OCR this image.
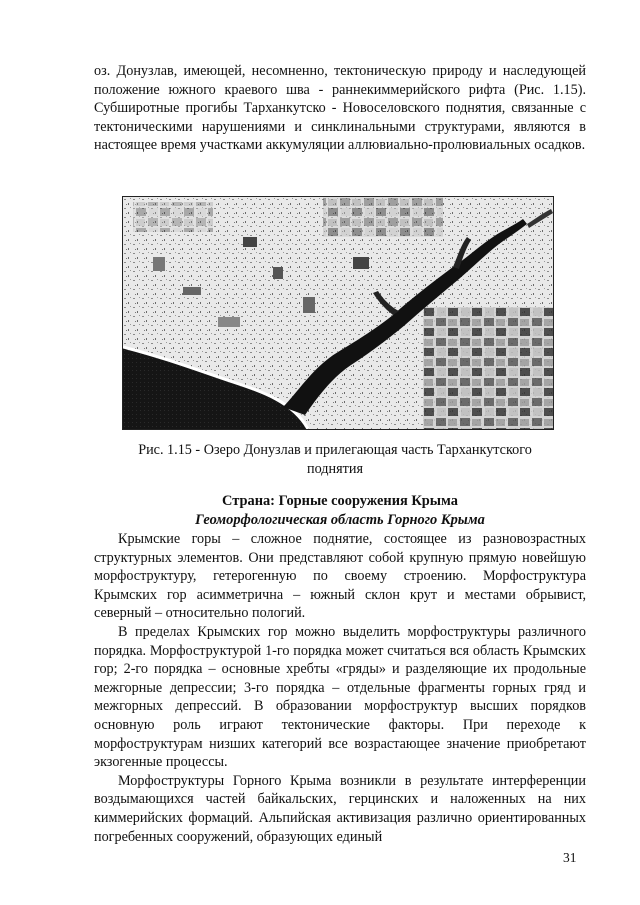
оз. Донузлав, имеющей, несомненно, тектоническую природу и наследующей положение южного краевого шва - раннекиммерийского рифта (Рис. 1.15). Субширотные прогибы Тарханкутско - Новоселовского поднятия, связанные с тектоническими нарушениями и синклинальными структурами, являются в настоящее время участками аккумуляции аллювиально-пролювиальных осадков.

Рис. 1.15 - Озеро Донузлав и прилегающая часть Тарханкутского
поднятия
Страна: Горные сооружения Крыма
Геоморфологическая область Горного Крыма

Крымские горы – сложное поднятие, состоящее из разновозрастных структурных элементов. Они представляют собой крупную прямую новейшую морфоструктуру, гетерогенную по своему строению. Морфоструктура Крымских гор асимметрична – южный склон крут и местами обрывист, северный – относительно пологий.

В пределах Крымских гор можно выделить морфоструктуры различного порядка. Морфоструктурой 1-го порядка может считаться вся область Крымских гор; 2-го порядка – основные хребты «гряды» и разделяющие их продольные межгорные депрессии; 3-го порядка – отдельные фрагменты горных гряд и межгорных депрессий. В образовании морфоструктур высших порядков основную роль играют тектонические факторы. При переходе к морфоструктурам низших категорий все возрастающее значение приобретают экзогенные процессы.

Морфоструктуры Горного Крыма возникли в результате интерференции воздымающихся частей байкальских, герцинских и наложенных на них киммерийских формаций. Альпийская активизация различно ориентированных погребенных сооружений, образующих единый

31
